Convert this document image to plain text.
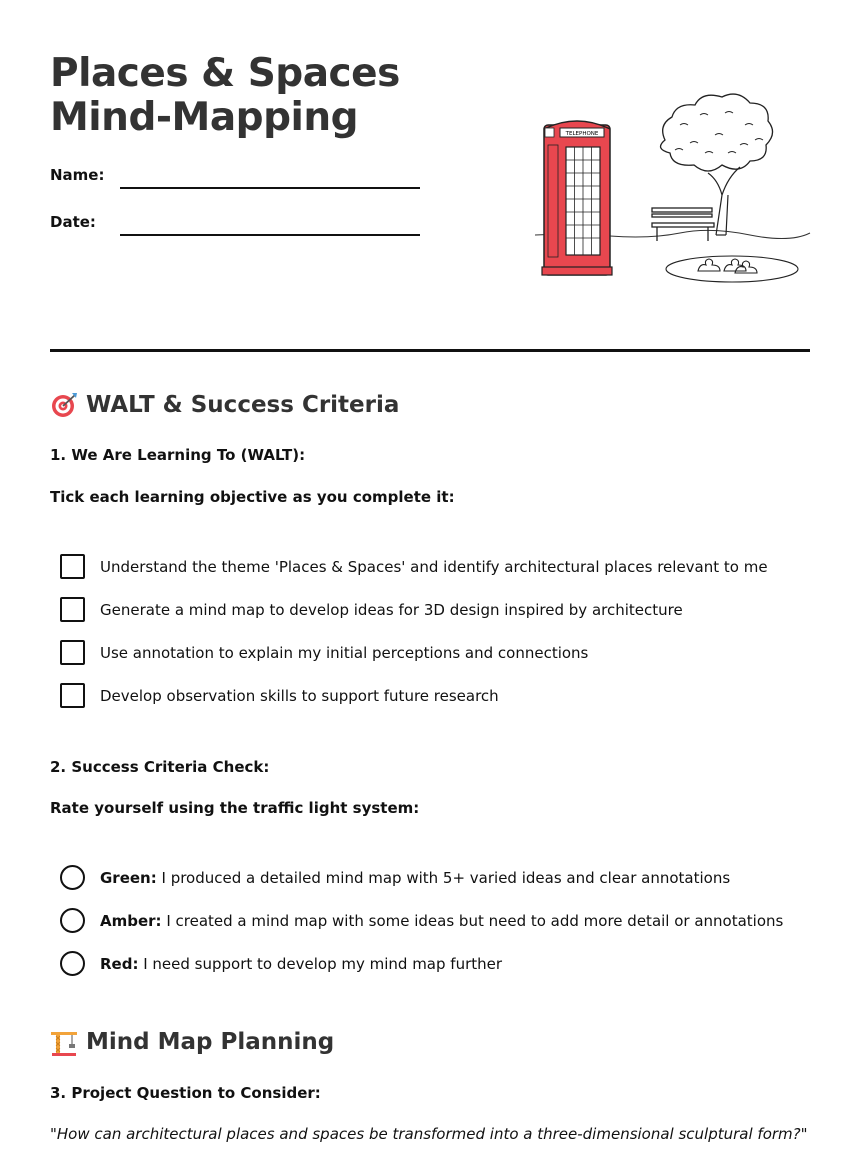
Places & Spaces Mind-Mapping
Name:
Date:
TELEPHONE
WALT & Success Criteria
1. We Are Learning To (WALT):
Tick each learning objective as you complete it:
Understand the theme 'Places & Spaces' and identify architectural places relevant to me
Generate a mind map to develop ideas for 3D design inspired by architecture
Use annotation to explain my initial perceptions and connections
Develop observation skills to support future research
2. Success Criteria Check:
Rate yourself using the traffic light system:
Green: I produced a detailed mind map with 5+ varied ideas and clear annotations
Amber: I created a mind map with some ideas but need to add more detail or annotations
Red: I need support to develop my mind map further
Mind Map Planning
3. Project Question to Consider:
"How can architectural places and spaces be transformed into a three-dimensional sculptural form?"
